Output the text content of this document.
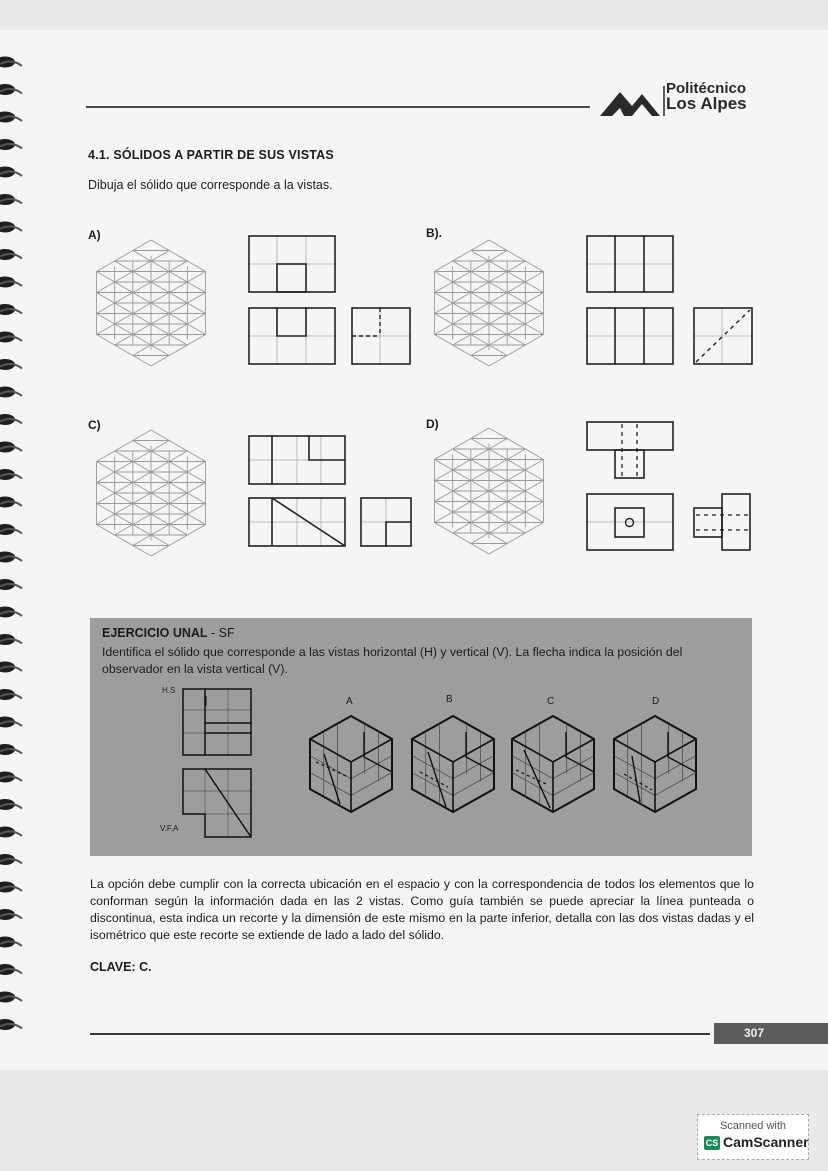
Politécnico
Los Alpes
4.1. SÓLIDOS A PARTIR DE SUS VISTAS
Dibuja el sólido que corresponde a la vistas.
A)	B).
C)	D)
EJERCICIO UNAL - SF
Identifica el sólido que corresponde a las vistas horizontal (H) y vertical (V). La flecha indica la posición del observador en la vista vertical (V).
H.S
V.F.A
A	B	C	D
La opción debe cumplir con la correcta ubicación en el espacio y con la correspondencia de todos los elementos que lo conforman según la información dada en las 2 vistas. Como guía también se puede apreciar la línea punteada o discontinua, esta indica un recorte y la dimensión de este mismo en la parte inferior, detalla con las dos vistas dadas y el isométrico que este recorte se extiende de lado a lado del sólido.
CLAVE: C.
307
Scanned with
CS CamScanner
